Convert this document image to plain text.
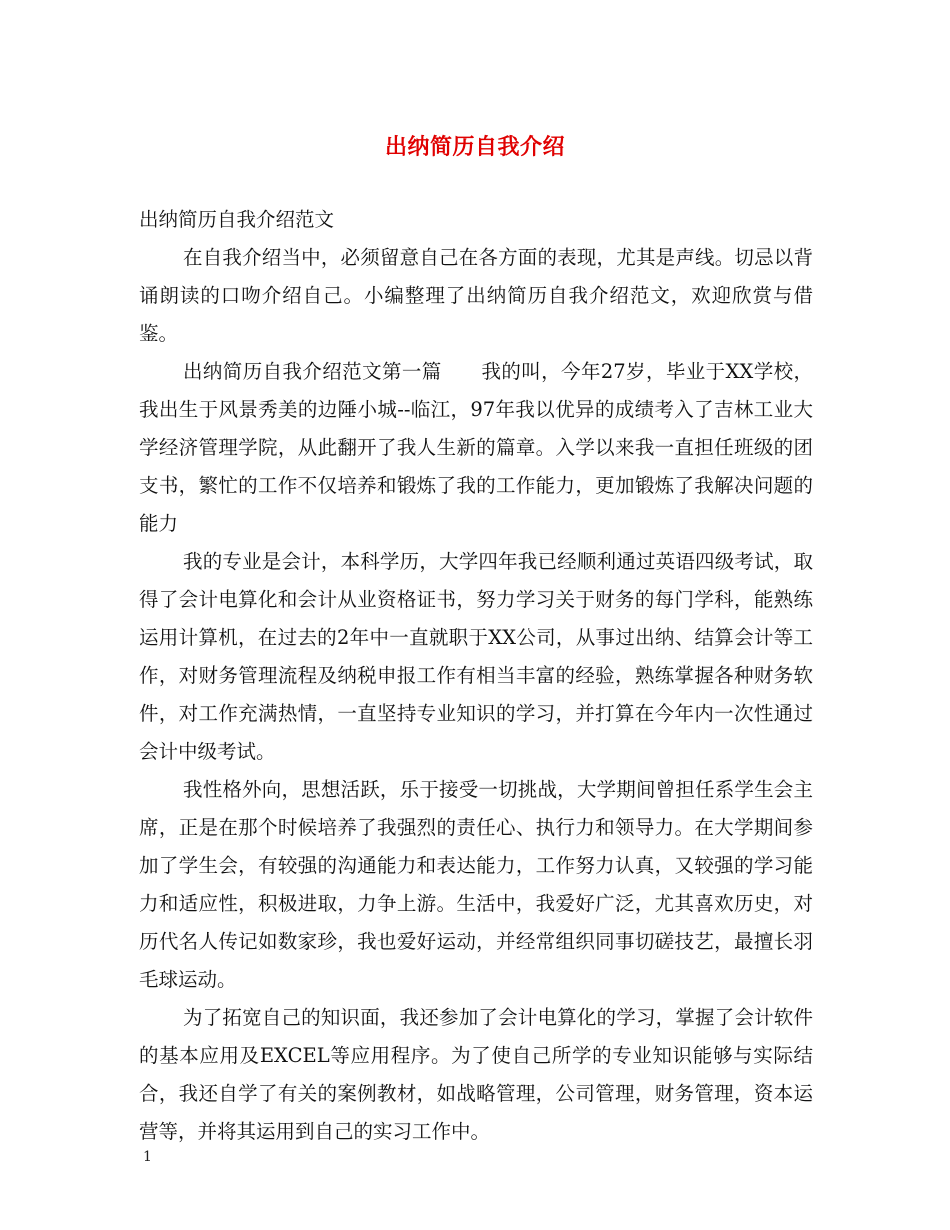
出纳简历自我介绍

出纳简历自我介绍范文

在自我介绍当中，必须留意自己在各方面的表现，尤其是声线。切忌以背诵朗读的口吻介绍自己。小编整理了出纳简历自我介绍范文，欢迎欣赏与借鉴。

出纳简历自我介绍范文第一篇　　我的叫，今年27岁，毕业于XX学校，我出生于风景秀美的边陲小城--临江，97年我以优异的成绩考入了吉林工业大学经济管理学院，从此翻开了我人生新的篇章。入学以来我一直担任班级的团支书，繁忙的工作不仅培养和锻炼了我的工作能力，更加锻炼了我解决问题的能力

我的专业是会计，本科学历，大学四年我已经顺利通过英语四级考试，取得了会计电算化和会计从业资格证书，努力学习关于财务的每门学科，能熟练运用计算机，在过去的2年中一直就职于XX公司，从事过出纳、结算会计等工作，对财务管理流程及纳税申报工作有相当丰富的经验，熟练掌握各种财务软件，对工作充满热情，一直坚持专业知识的学习，并打算在今年内一次性通过会计中级考试。

我性格外向，思想活跃，乐于接受一切挑战，大学期间曾担任系学生会主席，正是在那个时候培养了我强烈的责任心、执行力和领导力。在大学期间参加了学生会，有较强的沟通能力和表达能力，工作努力认真，又较强的学习能力和适应性，积极进取，力争上游。生活中，我爱好广泛，尤其喜欢历史，对历代名人传记如数家珍，我也爱好运动，并经常组织同事切磋技艺，最擅长羽毛球运动。

为了拓宽自己的知识面，我还参加了会计电算化的学习，掌握了会计软件的基本应用及EXCEL等应用程序。为了使自己所学的专业知识能够与实际结合，我还自学了有关的案例教材，如战略管理，公司管理，财务管理，资本运营等，并将其运用到自己的实习工作中。

1
